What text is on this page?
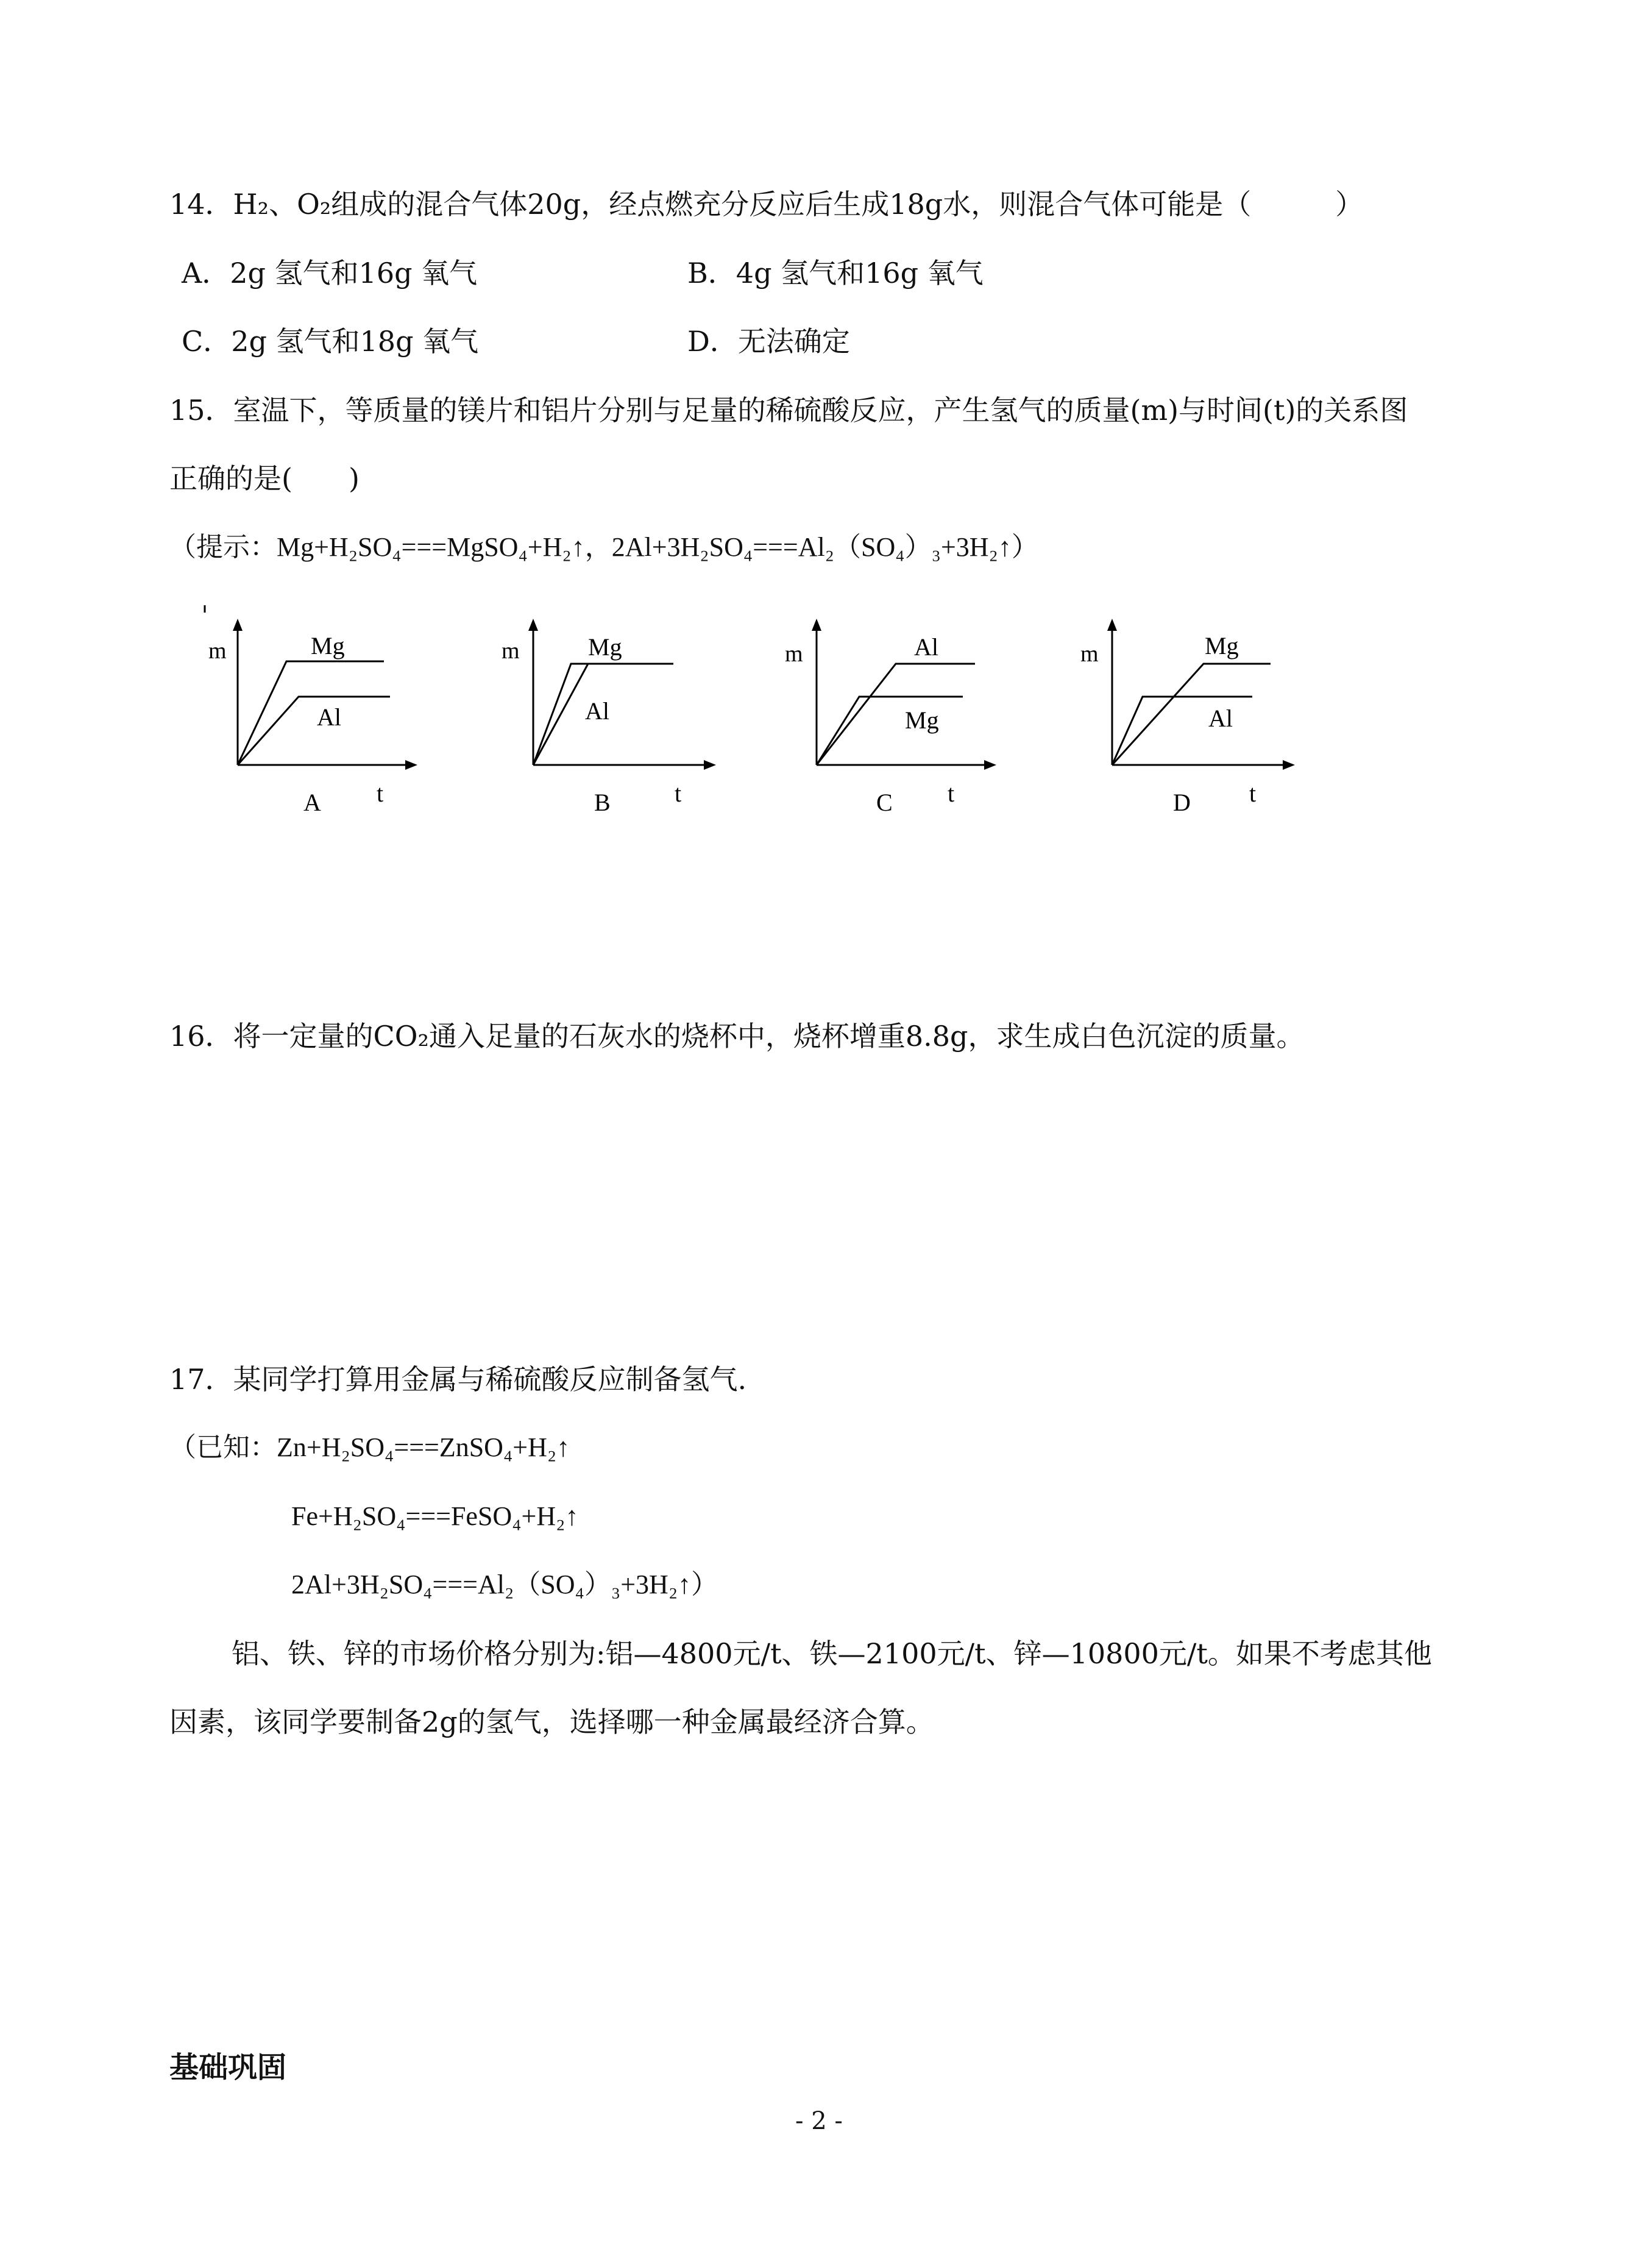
14．H₂、O₂组成的混合气体20g，经点燃充分反应后生成18g水，则混合气体可能是（　　　）
A．2g 氢气和16g 氧气	B．4g 氢气和16g 氧气
C．2g 氢气和18g 氧气	D．无法确定
15．室温下，等质量的镁片和铝片分别与足量的稀硫酸反应，产生氢气的质量(m)与时间(t)的关系图
正确的是(　　)
（提示：Mg+H₂SO₄===MgSO₄+H₂↑，2Al+3H₂SO₄===Al₂（SO₄）₃+3H₂↑）
m	Mg
Al
A t
m	Mg
Al
B	t
m	Al
Mg
C t
m	Mg
Al
D t
16．将一定量的CO₂通入足量的石灰水的烧杯中，烧杯增重8.8g，求生成白色沉淀的质量。
17．某同学打算用金属与稀硫酸反应制备氢气.
（已知：Zn+H₂SO₄===ZnSO₄+H₂↑
Fe+H₂SO₄===FeSO₄+H₂↑
2Al+3H₂SO₄===Al₂（SO₄）₃+3H₂↑）
铝、铁、锌的市场价格分别为:铝—4800元/t、铁—2100元/t、锌—10800元/t。如果不考虑其他
因素，该同学要制备2g的氢气，选择哪一种金属最经济合算。
基础巩固
- 2 -
